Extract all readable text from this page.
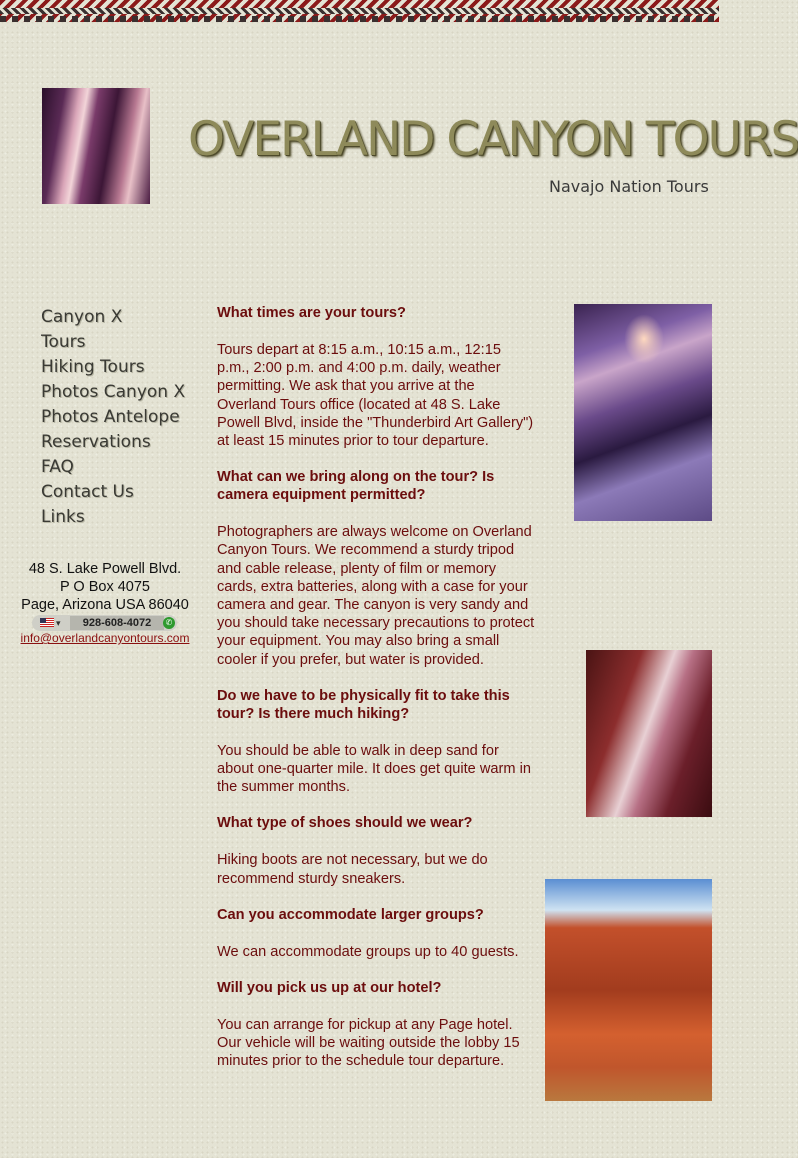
OVERLAND CANYON TOURS
Navajo Nation Tours
Canyon X
Tours
Hiking Tours
Photos Canyon X
Photos Antelope
Reservations
FAQ
Contact Us
Links
48 S. Lake Powell Blvd.
P O Box 4075
Page, Arizona USA 86040
▾	928-608-4072	✆
info@overlandcanyontours.com

What times are your tours?

Tours depart at 8:15 a.m., 10:15 a.m., 12:15 p.m., 2:00 p.m. and 4:00 p.m. daily, weather permitting. We ask that you arrive at the Overland Tours office (located at 48 S. Lake Powell Blvd, inside the "Thunderbird Art Gallery") at least 15 minutes prior to tour departure.

What can we bring along on the tour? Is camera equipment permitted?

Photographers are always welcome on Overland Canyon Tours. We recommend a sturdy tripod and cable release, plenty of film or memory cards, extra batteries, along with a case for your camera and gear. The canyon is very sandy and you should take necessary precautions to protect your equipment. You may also bring a small cooler if you prefer, but water is provided.

Do we have to be physically fit to take this tour? Is there much hiking?

You should be able to walk in deep sand for about one-quarter mile. It does get quite warm in the summer months.

What type of shoes should we wear?

Hiking boots are not necessary, but we do recommend sturdy sneakers.

Can you accommodate larger groups?

We can accommodate groups up to 40 guests.

Will you pick us up at our hotel?

You can arrange for pickup at any Page hotel. Our vehicle will be waiting outside the lobby 15 minutes prior to the schedule tour departure.
